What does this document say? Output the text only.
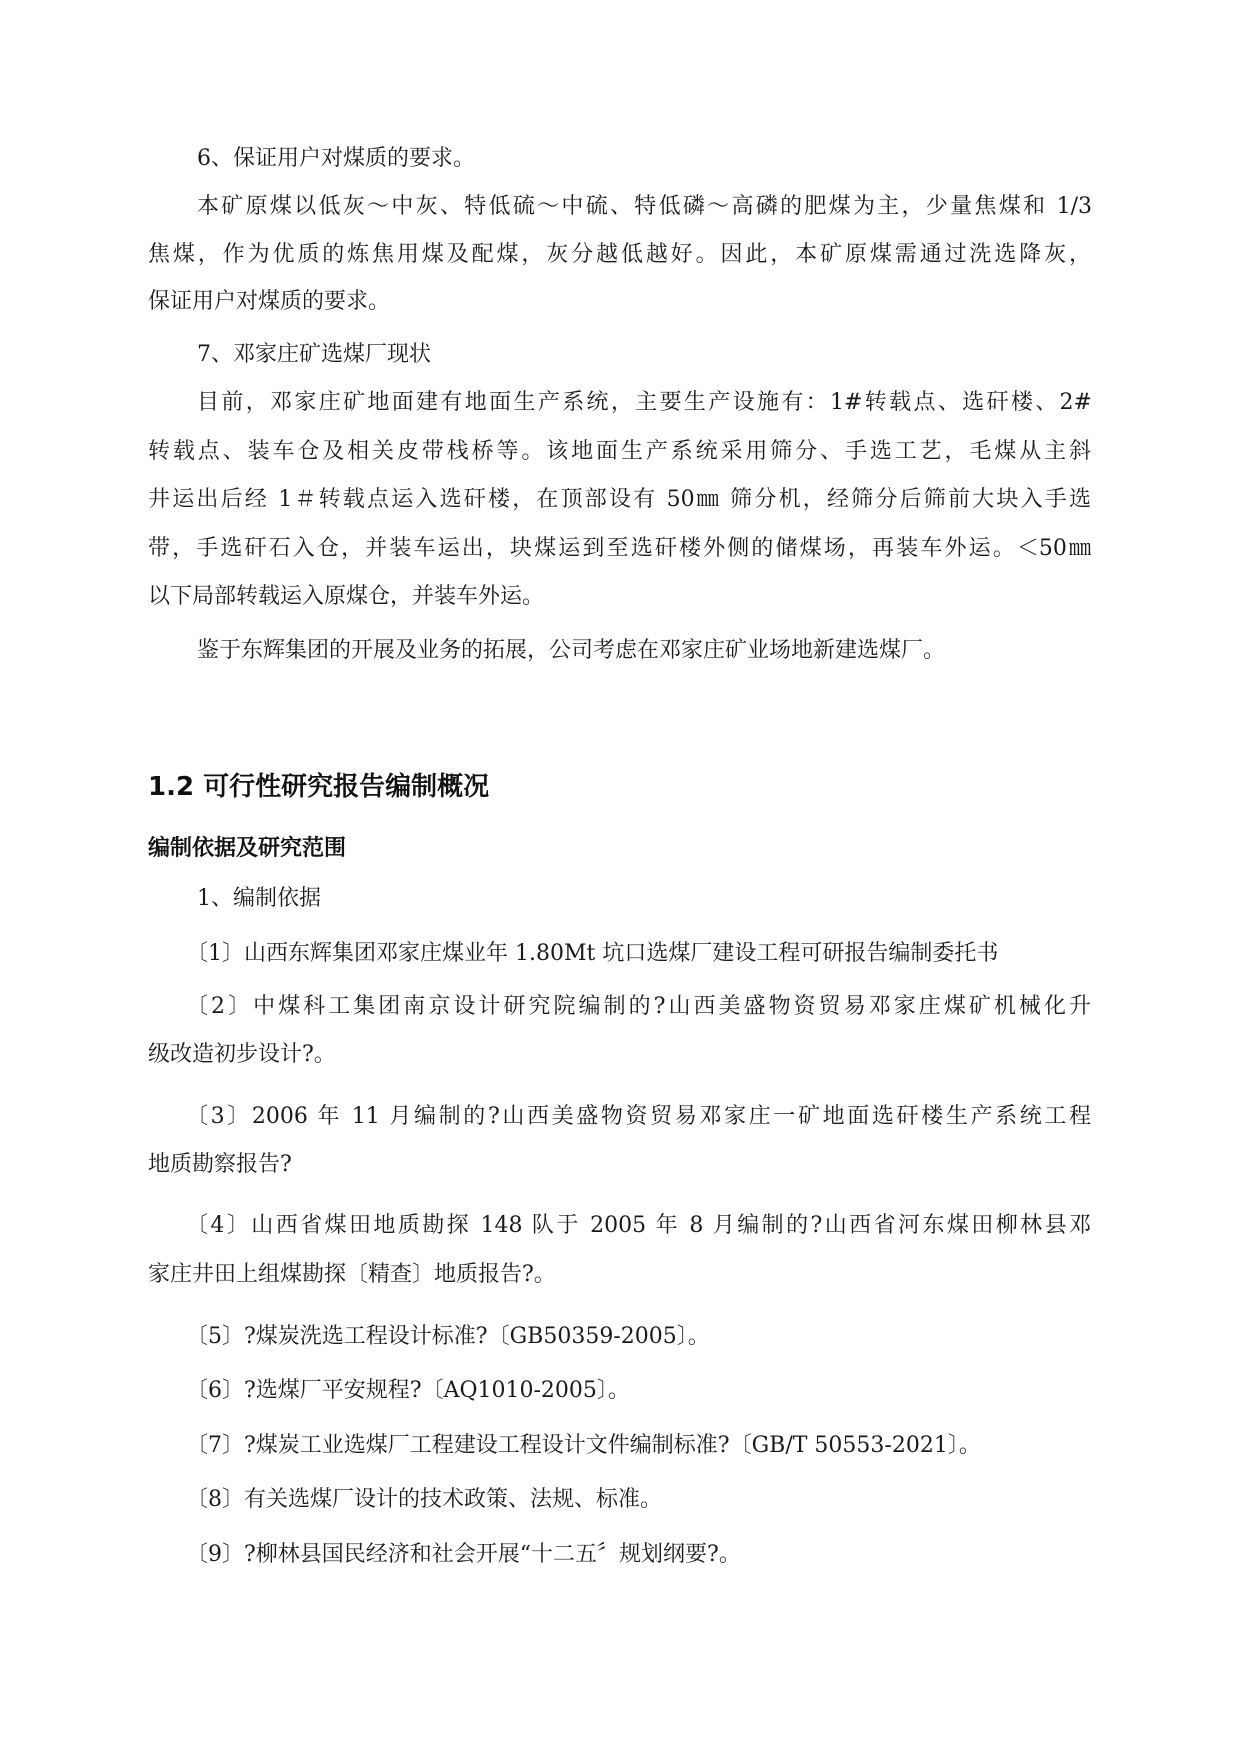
6、保证用户对煤质的要求。
本矿原煤以低灰～中灰、特低硫～中硫、特低磷～高磷的肥煤为主，少量焦煤和 1/3
焦煤，作为优质的炼焦用煤及配煤，灰分越低越好。因此，本矿原煤需通过洗选降灰，
保证用户对煤质的要求。
7、邓家庄矿选煤厂现状
目前，邓家庄矿地面建有地面生产系统，主要生产设施有：1#转载点、选矸楼、2#
转载点、装车仓及相关皮带栈桥等。该地面生产系统采用筛分、手选工艺，毛煤从主斜
井运出后经 1＃转载点运入选矸楼，在顶部设有 50㎜ 筛分机，经筛分后筛前大块入手选
带，手选矸石入仓，并装车运出，块煤运到至选矸楼外侧的储煤场，再装车外运。＜50㎜
以下局部转载运入原煤仓，并装车外运。
鉴于东辉集团的开展及业务的拓展，公司考虑在邓家庄矿业场地新建选煤厂。
1.2 可行性研究报告编制概况
编制依据及研究范围
1、编制依据
〔1〕山西东辉集团邓家庄煤业年 1.80Mt 坑口选煤厂建设工程可研报告编制委托书
〔2〕中煤科工集团南京设计研究院编制的?山西美盛物资贸易邓家庄煤矿机械化升
级改造初步设计?。
〔3〕2006 年 11 月编制的?山西美盛物资贸易邓家庄一矿地面选矸楼生产系统工程
地质勘察报告?
〔4〕山西省煤田地质勘探 148 队于 2005 年 8 月编制的?山西省河东煤田柳林县邓
家庄井田上组煤勘探〔精查〕地质报告?。
〔5〕?煤炭洗选工程设计标准?〔GB50359-2005〕。
〔6〕?选煤厂平安规程?〔AQ1010-2005〕。
〔7〕?煤炭工业选煤厂工程建设工程设计文件编制标准?〔GB/T 50553-2021〕。
〔8〕有关选煤厂设计的技术政策、法规、标准。
〔9〕?柳林县国民经济和社会开展“十二五〞规划纲要?。
